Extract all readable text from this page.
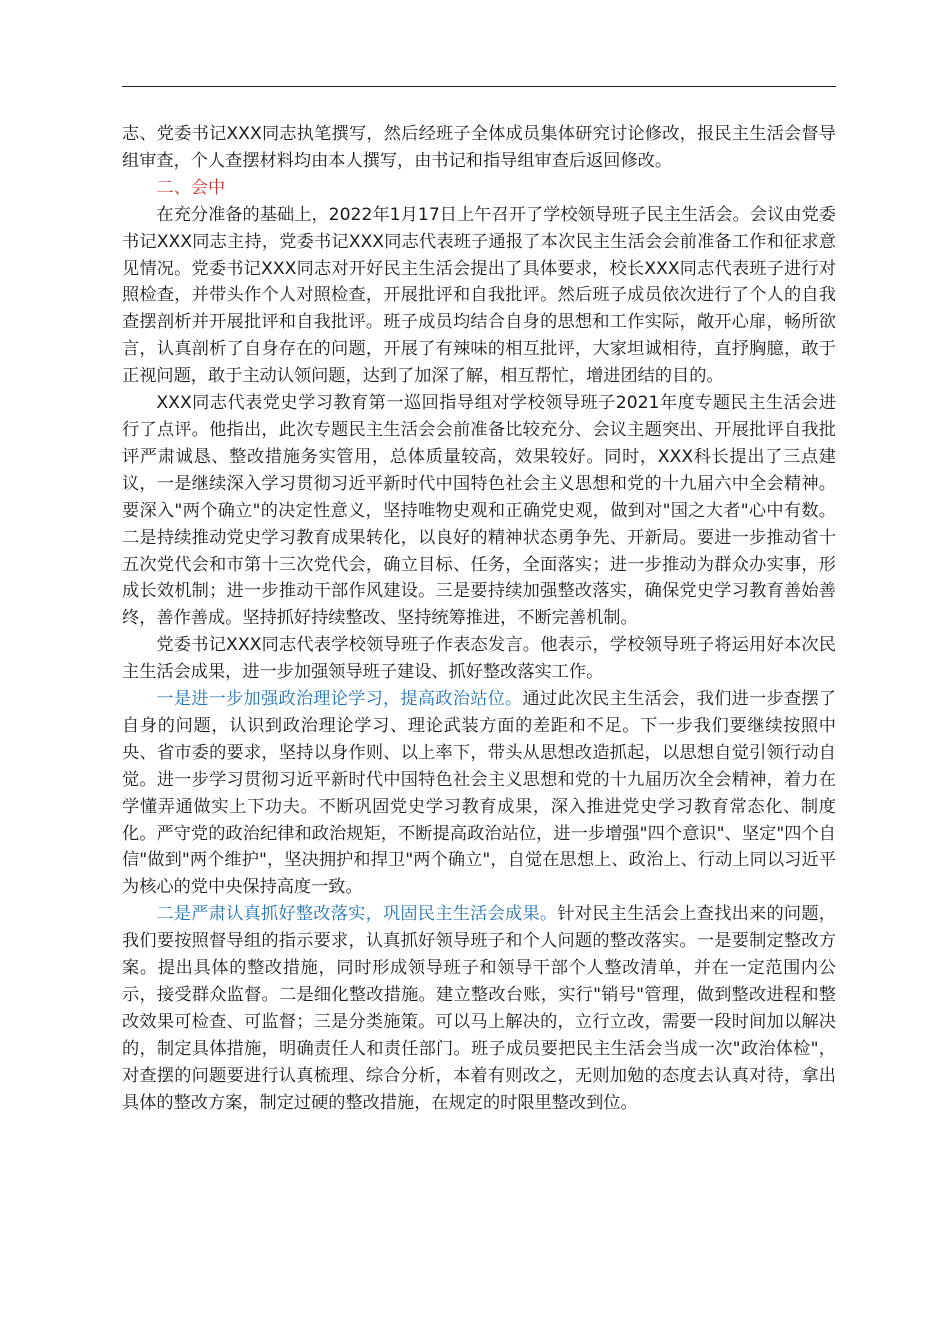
志、党委书记XXX同志执笔撰写，然后经班子全体成员集体研究讨论修改，报民主生活会督导组审查，个人查摆材料均由本人撰写，由书记和指导组审查后返回修改。

二、会中

在充分准备的基础上，2022年1月17日上午召开了学校领导班子民主生活会。会议由党委书记XXX同志主持，党委书记XXX同志代表班子通报了本次民主生活会会前准备工作和征求意见情况。党委书记XXX同志对开好民主生活会提出了具体要求，校长XXX同志代表班子进行对照检查，并带头作个人对照检查，开展批评和自我批评。然后班子成员依次进行了个人的自我查摆剖析并开展批评和自我批评。班子成员均结合自身的思想和工作实际，敞开心扉，畅所欲言，认真剖析了自身存在的问题，开展了有辣味的相互批评，大家坦诚相待，直抒胸臆，敢于正视问题，敢于主动认领问题，达到了加深了解，相互帮忙，增进团结的目的。

XXX同志代表党史学习教育第一巡回指导组对学校领导班子2021年度专题民主生活会进行了点评。他指出，此次专题民主生活会会前准备比较充分、会议主题突出、开展批评自我批评严肃诚恳、整改措施务实管用，总体质量较高，效果较好。同时，XXX科长提出了三点建议，一是继续深入学习贯彻习近平新时代中国特色社会主义思想和党的十九届六中全会精神。要深入"两个确立"的决定性意义，坚持唯物史观和正确党史观，做到对"国之大者"心中有数。二是持续推动党史学习教育成果转化，以良好的精神状态勇争先、开新局。要进一步推动省十五次党代会和市第十三次党代会，确立目标、任务，全面落实；进一步推动为群众办实事，形成长效机制；进一步推动干部作风建设。三是要持续加强整改落实，确保党史学习教育善始善终，善作善成。坚持抓好持续整改、坚持统筹推进，不断完善机制。

党委书记XXX同志代表学校领导班子作表态发言。他表示，学校领导班子将运用好本次民主生活会成果，进一步加强领导班子建设、抓好整改落实工作。

一是进一步加强政治理论学习，提高政治站位。通过此次民主生活会，我们进一步查摆了自身的问题，认识到政治理论学习、理论武装方面的差距和不足。下一步我们要继续按照中央、省市委的要求，坚持以身作则、以上率下，带头从思想改造抓起，以思想自觉引领行动自觉。进一步学习贯彻习近平新时代中国特色社会主义思想和党的十九届历次全会精神，着力在学懂弄通做实上下功夫。不断巩固党史学习教育成果，深入推进党史学习教育常态化、制度化。严守党的政治纪律和政治规矩，不断提高政治站位，进一步增强"四个意识"、坚定"四个自信"做到"两个维护"，坚决拥护和捍卫"两个确立"，自觉在思想上、政治上、行动上同以习近平为核心的党中央保持高度一致。

二是严肃认真抓好整改落实，巩固民主生活会成果。针对民主生活会上查找出来的问题，我们要按照督导组的指示要求，认真抓好领导班子和个人问题的整改落实。一是要制定整改方案。提出具体的整改措施，同时形成领导班子和领导干部个人整改清单，并在一定范围内公示，接受群众监督。二是细化整改措施。建立整改台账，实行"销号"管理，做到整改进程和整改效果可检查、可监督；三是分类施策。可以马上解决的，立行立改，需要一段时间加以解决的，制定具体措施，明确责任人和责任部门。班子成员要把民主生活会当成一次"政治体检"，对查摆的问题要进行认真梳理、综合分析，本着有则改之，无则加勉的态度去认真对待，拿出具体的整改方案，制定过硬的整改措施，在规定的时限里整改到位。
